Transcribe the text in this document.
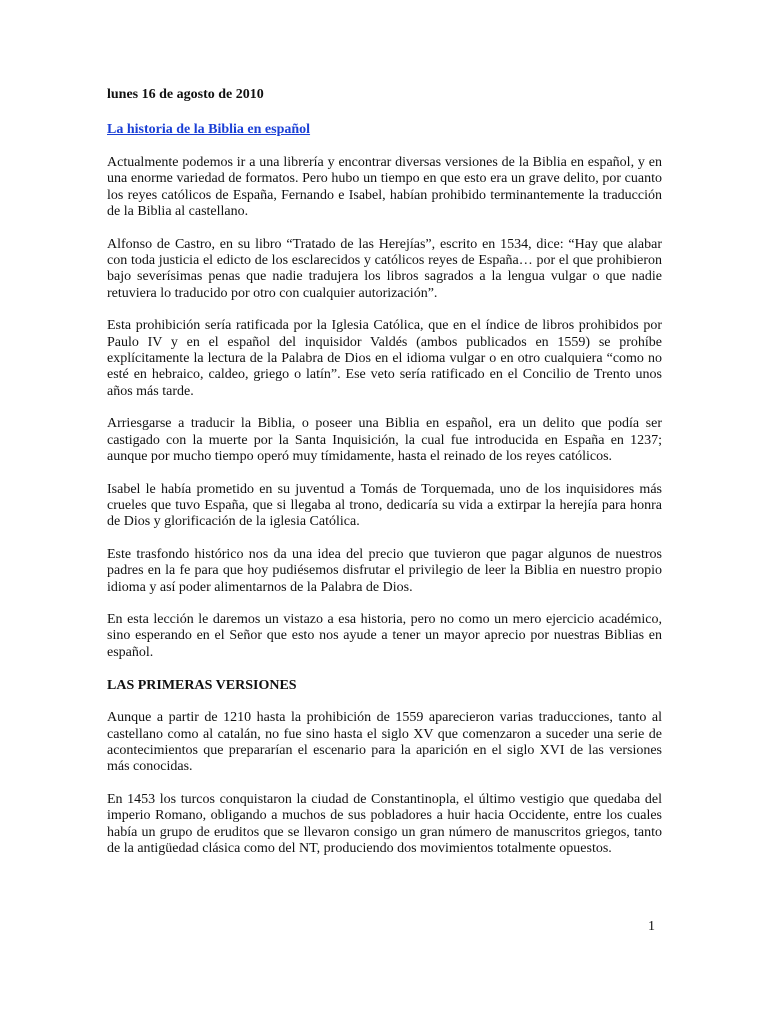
lunes 16 de agosto de 2010
La historia de la Biblia en español

Actualmente podemos ir a una librería y encontrar diversas versiones de la Biblia en español, y en una enorme variedad de formatos. Pero hubo un tiempo en que esto era un grave delito, por cuanto los reyes católicos de España, Fernando e Isabel, habían prohibido terminantemente la traducción de la Biblia al castellano.

Alfonso de Castro, en su libro “Tratado de las Herejías”, escrito en 1534, dice: “Hay que alabar con toda justicia el edicto de los esclarecidos y católicos reyes de España… por el que prohibieron bajo severísimas penas que nadie tradujera los libros sagrados a la lengua vulgar o que nadie retuviera lo traducido por otro con cualquier autorización”.

Esta prohibición sería ratificada por la Iglesia Católica, que en el índice de libros prohibidos por Paulo IV y en el español del inquisidor Valdés (ambos publicados en 1559) se prohíbe explícitamente la lectura de la Palabra de Dios en el idioma vulgar o en otro cualquiera “como no esté en hebraico, caldeo, griego o latín”. Ese veto sería ratificado en el Concilio de Trento unos años más tarde.

Arriesgarse a traducir la Biblia, o poseer una Biblia en español, era un delito que podía ser castigado con la muerte por la Santa Inquisición, la cual fue introducida en España en 1237; aunque por mucho tiempo operó muy tímidamente, hasta el reinado de los reyes católicos.

Isabel le había prometido en su juventud a Tomás de Torquemada, uno de los inquisidores más crueles que tuvo España, que si llegaba al trono, dedicaría su vida a extirpar la herejía para honra de Dios y glorificación de la iglesia Católica.

Este trasfondo histórico nos da una idea del precio que tuvieron que pagar algunos de nuestros padres en la fe para que hoy pudiésemos disfrutar el privilegio de leer la Biblia en nuestro propio idioma y así poder alimentarnos de la Palabra de Dios.

En esta lección le daremos un vistazo a esa historia, pero no como un mero ejercicio académico, sino esperando en el Señor que esto nos ayude a tener un mayor aprecio por nuestras Biblias en español.

LAS PRIMERAS VERSIONES

Aunque a partir de 1210 hasta la prohibición de 1559 aparecieron varias traducciones, tanto al castellano como al catalán, no fue sino hasta el siglo XV que comenzaron a suceder una serie de acontecimientos que prepararían el escenario para la aparición en el siglo XVI de las versiones más conocidas.

En 1453 los turcos conquistaron la ciudad de Constantinopla, el último vestigio que quedaba del imperio Romano, obligando a muchos de sus pobladores a huir hacia Occidente, entre los cuales había un grupo de eruditos que se llevaron consigo un gran número de manuscritos griegos, tanto de la antigüedad clásica como del NT, produciendo dos movimientos totalmente opuestos.

1
